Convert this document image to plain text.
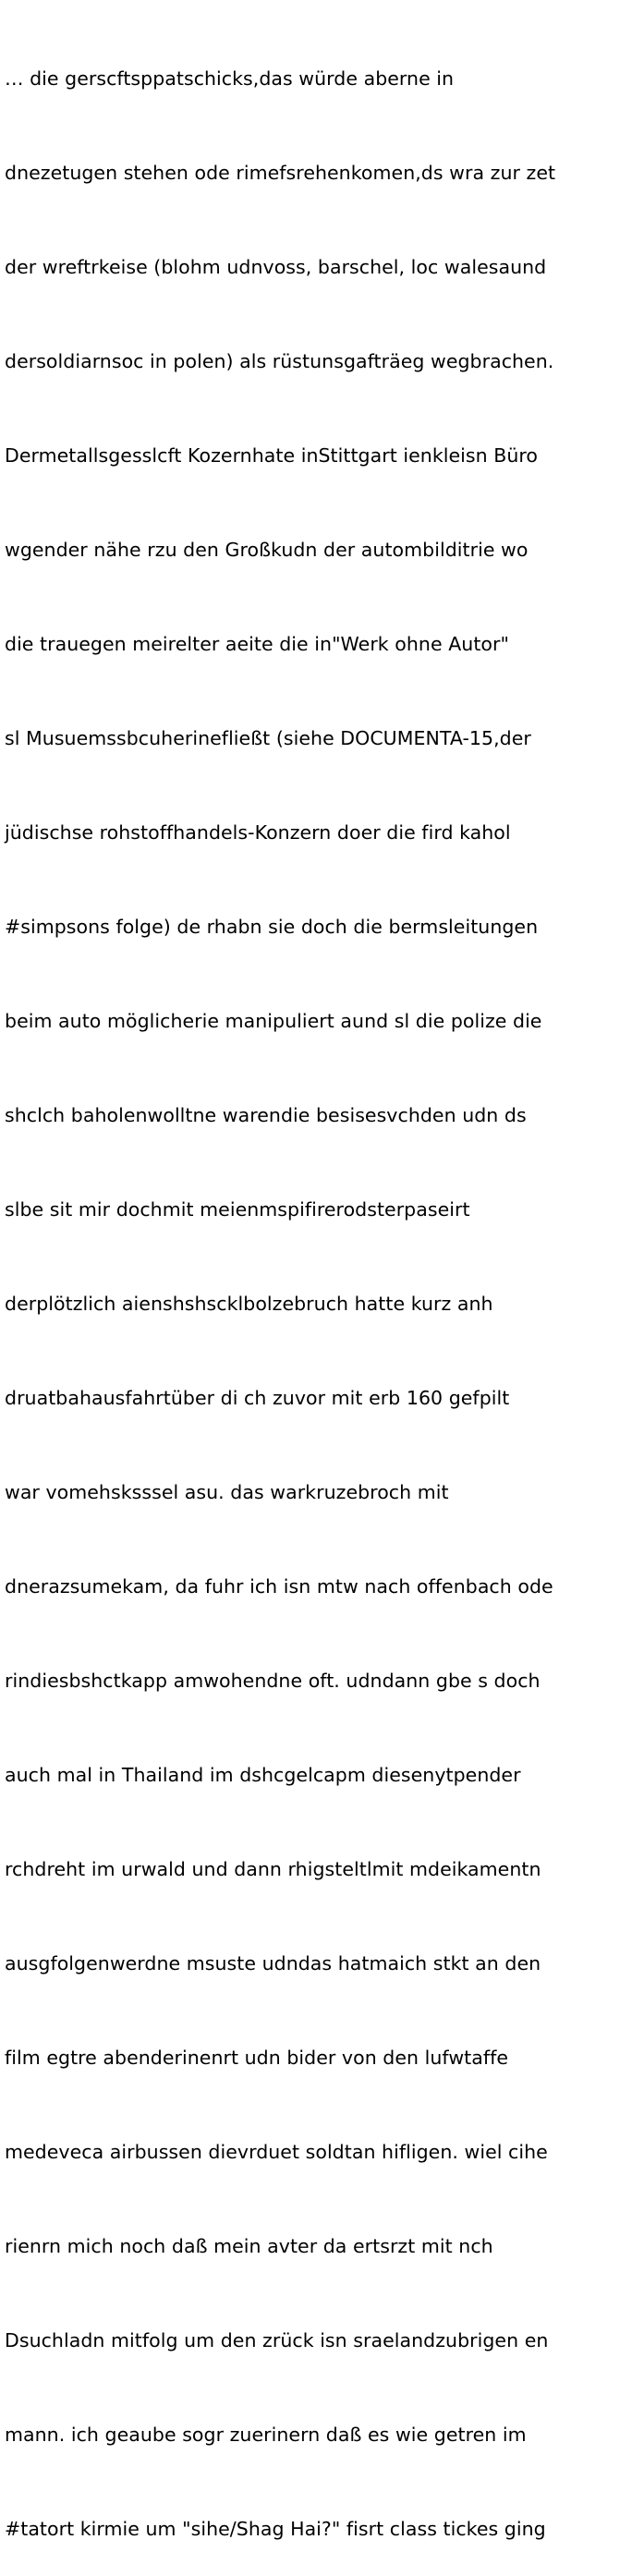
… die gerscftsppatschicks,das würde aberne in

dnezetugen stehen ode rimefsrehenkomen,ds wra zur zet

der wreftrkeise (blohm udnvoss, barschel, loc walesaund

dersoldiarnsoc in polen) als rüstunsgafträeg wegbrachen.

Dermetallsgesslcft Kozernhate inStittgart ienkleisn Büro

wgender nähe rzu den Großkudn der autombilditrie wo

die trauegen meirelter aeite die in"Werk ohne Autor"

sl Musuemssbcuherinefließt (siehe DOCUMENTA-15,der

jüdischse rohstoffhandels-Konzern doer die fird kahol

#simpsons folge) de rhabn sie doch die bermsleitungen

beim auto möglicherie manipuliert aund sl die polize die

shclch baholenwolltne warendie besisesvchden udn ds

slbe sit mir dochmit meienmspifirerodsterpaseirt

derplötzlich aienshshscklbolzebruch hatte kurz anh

druatbahausfahrtüber di ch zuvor mit erb 160 gefpilt

war vomehsksssel asu. das warkruzebroch mit

dnerazsumekam, da fuhr ich isn mtw nach offenbach ode

rindiesbshctkapp amwohendne oft. udndann gbe s doch

auch mal in Thailand im dshcgelcapm diesenytpender

rchdreht im urwald und dann rhigsteltlmit mdeikamentn

ausgfolgenwerdne msuste udndas hatmaich stkt an den

film egtre abenderinenrt udn bider von den lufwtaffe

medeveca airbussen dievrduet soldtan hifligen. wiel cihe

rienrn mich noch daß mein avter da ertsrzt mit nch

Dsuchladn mitfolg um den zrück isn sraelandzubrigen en

mann. ich geaube sogr zuerinern daß es wie getren im

#tatort kirmie um "sihe/Shag Hai?" fisrt class tickes ging
